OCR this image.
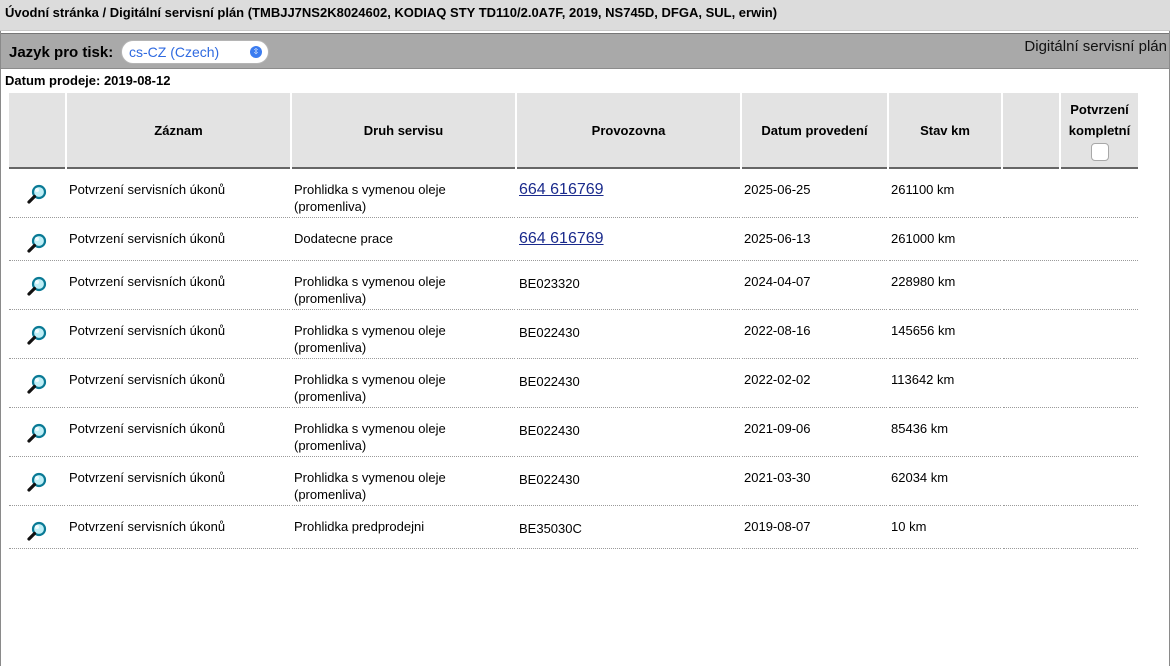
Úvodní stránka / Digitální servisní plán (TMBJJ7NS2K8024602, KODIAQ STY TD110/2.0A7F, 2019, NS745D, DFGA, SUL, erwin)
Jazyk pro tisk:	cs-CZ (Czech)	⇳	Digitální servisní plán
Datum prodeje: 2019-08-12
	Záznam	Druh servisu	Provozovna	Datum provedení	Stav km		Potvrzení
kompletní

	Potvrzení servisních úkonů	Prohlidka s vymenou oleje (promenliva)	664 616769	2025-06-25	261100 km		
	Potvrzení servisních úkonů	Dodatecne prace	664 616769	2025-06-13	261000 km		
	Potvrzení servisních úkonů	Prohlidka s vymenou oleje (promenliva)	BE023320	2024-04-07	228980 km		
	Potvrzení servisních úkonů	Prohlidka s vymenou oleje (promenliva)	BE022430	2022-08-16	145656 km		
	Potvrzení servisních úkonů	Prohlidka s vymenou oleje (promenliva)	BE022430	2022-02-02	113642 km		
	Potvrzení servisních úkonů	Prohlidka s vymenou oleje (promenliva)	BE022430	2021-09-06	85436 km		
	Potvrzení servisních úkonů	Prohlidka s vymenou oleje (promenliva)	BE022430	2021-03-30	62034 km		
	Potvrzení servisních úkonů	Prohlidka predprodejni	BE35030C	2019-08-07	10 km		
